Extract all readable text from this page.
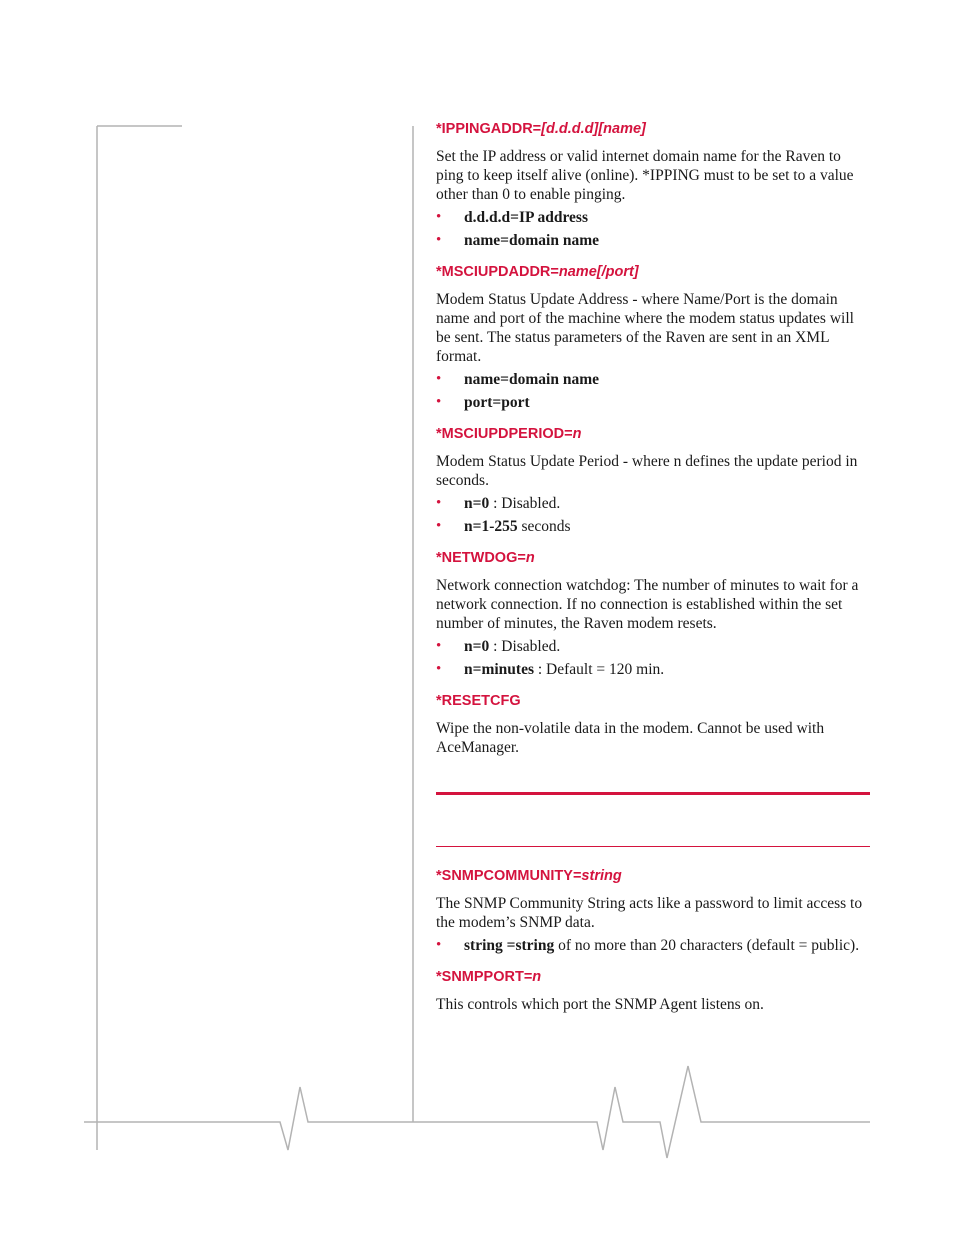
*IPPINGADDR=[d.d.d.d][name]

Set the IP address or valid internet domain name for the Raven to ping to keep itself alive (online). *IPPING must to be set to a value other than 0 to enable pinging.

• d.d.d.d=IP address
• name=domain name
*MSCIUPDADDR=name[/port]

Modem Status Update Address - where Name/Port is the domain name and port of the machine where the modem status updates will be sent. The status parameters of the Raven are sent in an XML format.

• name=domain name
• port=port
*MSCIUPDPERIOD=n

Modem Status Update Period - where n defines the update period in seconds.

• n=0 : Disabled.
• n=1-255 seconds
*NETWDOG=n

Network connection watchdog: The number of minutes to wait for a network connection. If no connection is established within the set number of minutes, the Raven modem resets.

• n=0 : Disabled.
• n=minutes : Default = 120 min.
*RESETCFG

Wipe the non-volatile data in the modem. Cannot be used with AceManager.

*SNMPCOMMUNITY=string

The SNMP Community String acts like a password to limit access to the modem’s SNMP data.

• string =string of no more than 20 characters (default = public).
*SNMPPORT=n

This controls which port the SNMP Agent listens on.
